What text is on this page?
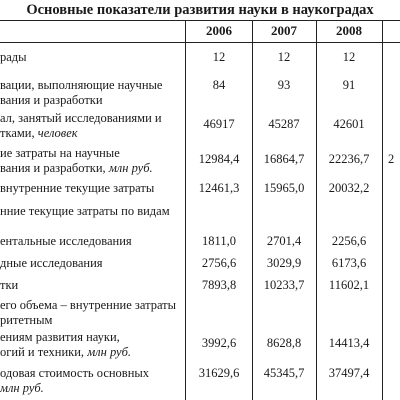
Основные показатели развития науки в наукоградах
2006	2007	2008
рады	12	12	12
вации, выполняющие научные
вания и разработки
84	93	91
ал, занятый исследованиями и
тками, человек
46917	45287	42601
ие затраты на научные
вания и разработки, млн руб.
12984,4	16864,7	22236,7	2
внутренние текущие затраты	12461,3	15965,0	20032,2
нние текущие затраты по видам
ентальные исследования	1811,0	2701,4	2256,6
дные исследования	2756,6	3029,9	6173,6
тки	7893,8	10233,7	11602,1
его объема – внутренние затраты
ритетным
ениям развития науки,
огий и техники, млн руб.
3992,6	8628,8	14413,4
одовая стоимость основных
млн руб.
31629,6	45345,7	37497,4
